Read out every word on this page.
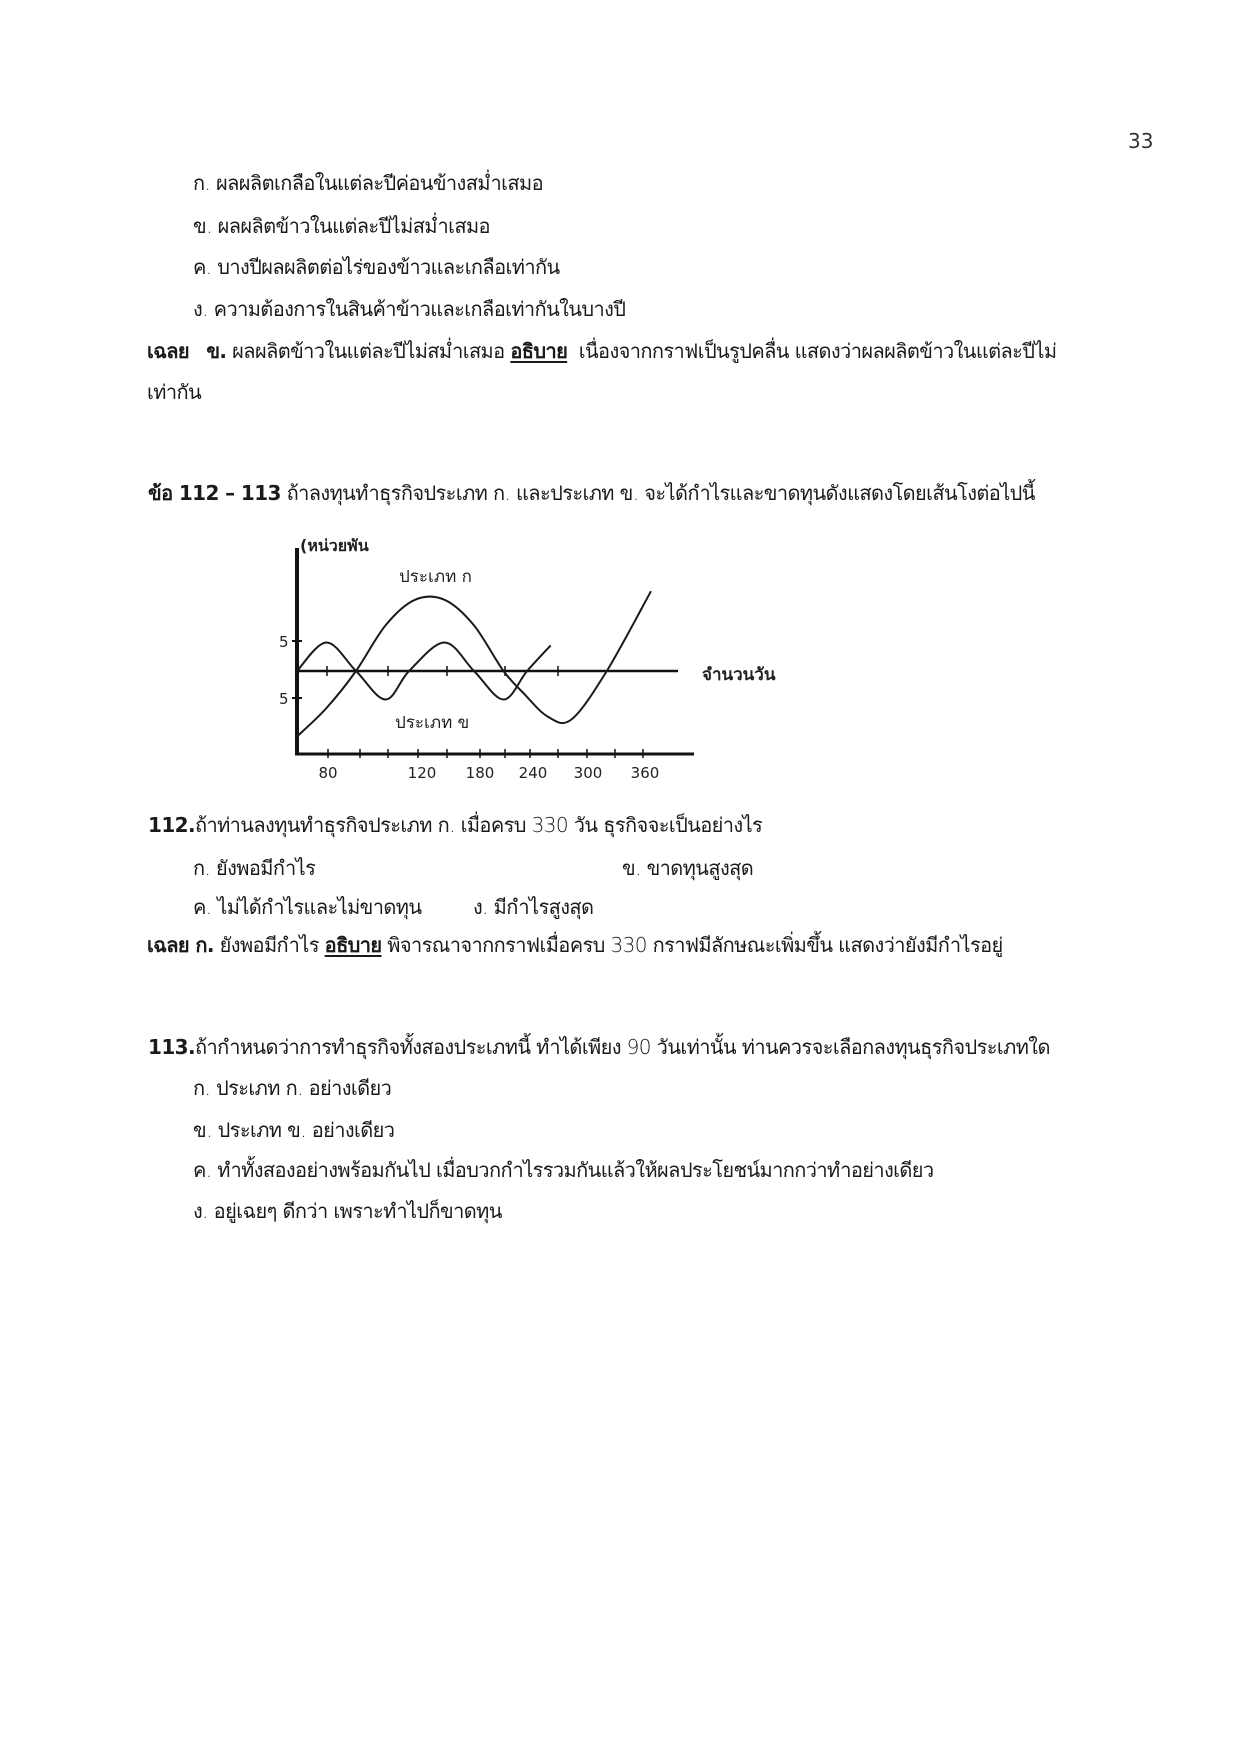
33
ก. ผลผลิตเกลือในแต่ละปีค่อนข้างสม่ำเสมอ
ข. ผลผลิตข้าวในแต่ละปีไม่สม่ำเสมอ
ค. บางปีผลผลิตต่อไร่ของข้าวและเกลือเท่ากัน
ง. ความต้องการในสินค้าข้าวและเกลือเท่ากันในบางปี
เฉลย ข. ผลผลิตข้าวในแต่ละปีไม่สม่ำเสมอ อธิบาย เนื่องจากกราฟเป็นรูปคลื่น แสดงว่าผลผลิตข้าวในแต่ละปีไม่
เท่ากัน
ข้อ 112 – 113 ถ้าลงทุนทำธุรกิจประเภท ก. และประเภท ข. จะได้กำไรและขาดทุนดังแสดงโดยเส้นโงต่อไปนี้
(หน่วยพัน
จำนวนวัน
5
5
ประเภท ก
ประเภท ข
80	120 180 240 300 360
112.ถ้าท่านลงทุนทำธุรกิจประเภท ก. เมื่อครบ 330 วัน ธุรกิจจะเป็นอย่างไร
ก. ยังพอมีกำไร	ข. ขาดทุนสูงสุด
ค. ไม่ได้กำไรและไม่ขาดทุน	ง. มีกำไรสูงสุด
เฉลย ก. ยังพอมีกำไร อธิบาย พิจารณาจากกราฟเมื่อครบ 330 กราฟมีลักษณะเพิ่มขึ้น แสดงว่ายังมีกำไรอยู่
113.ถ้ากำหนดว่าการทำธุรกิจทั้งสองประเภทนี้ ทำได้เพียง 90 วันเท่านั้น ท่านควรจะเลือกลงทุนธุรกิจประเภทใด
ก. ประเภท ก. อย่างเดียว
ข. ประเภท ข. อย่างเดียว
ค. ทำทั้งสองอย่างพร้อมกันไป เมื่อบวกกำไรรวมกันแล้วให้ผลประโยชน์มากกว่าทำอย่างเดียว
ง. อยู่เฉยๆ ดีกว่า เพราะทำไปก็ขาดทุน
